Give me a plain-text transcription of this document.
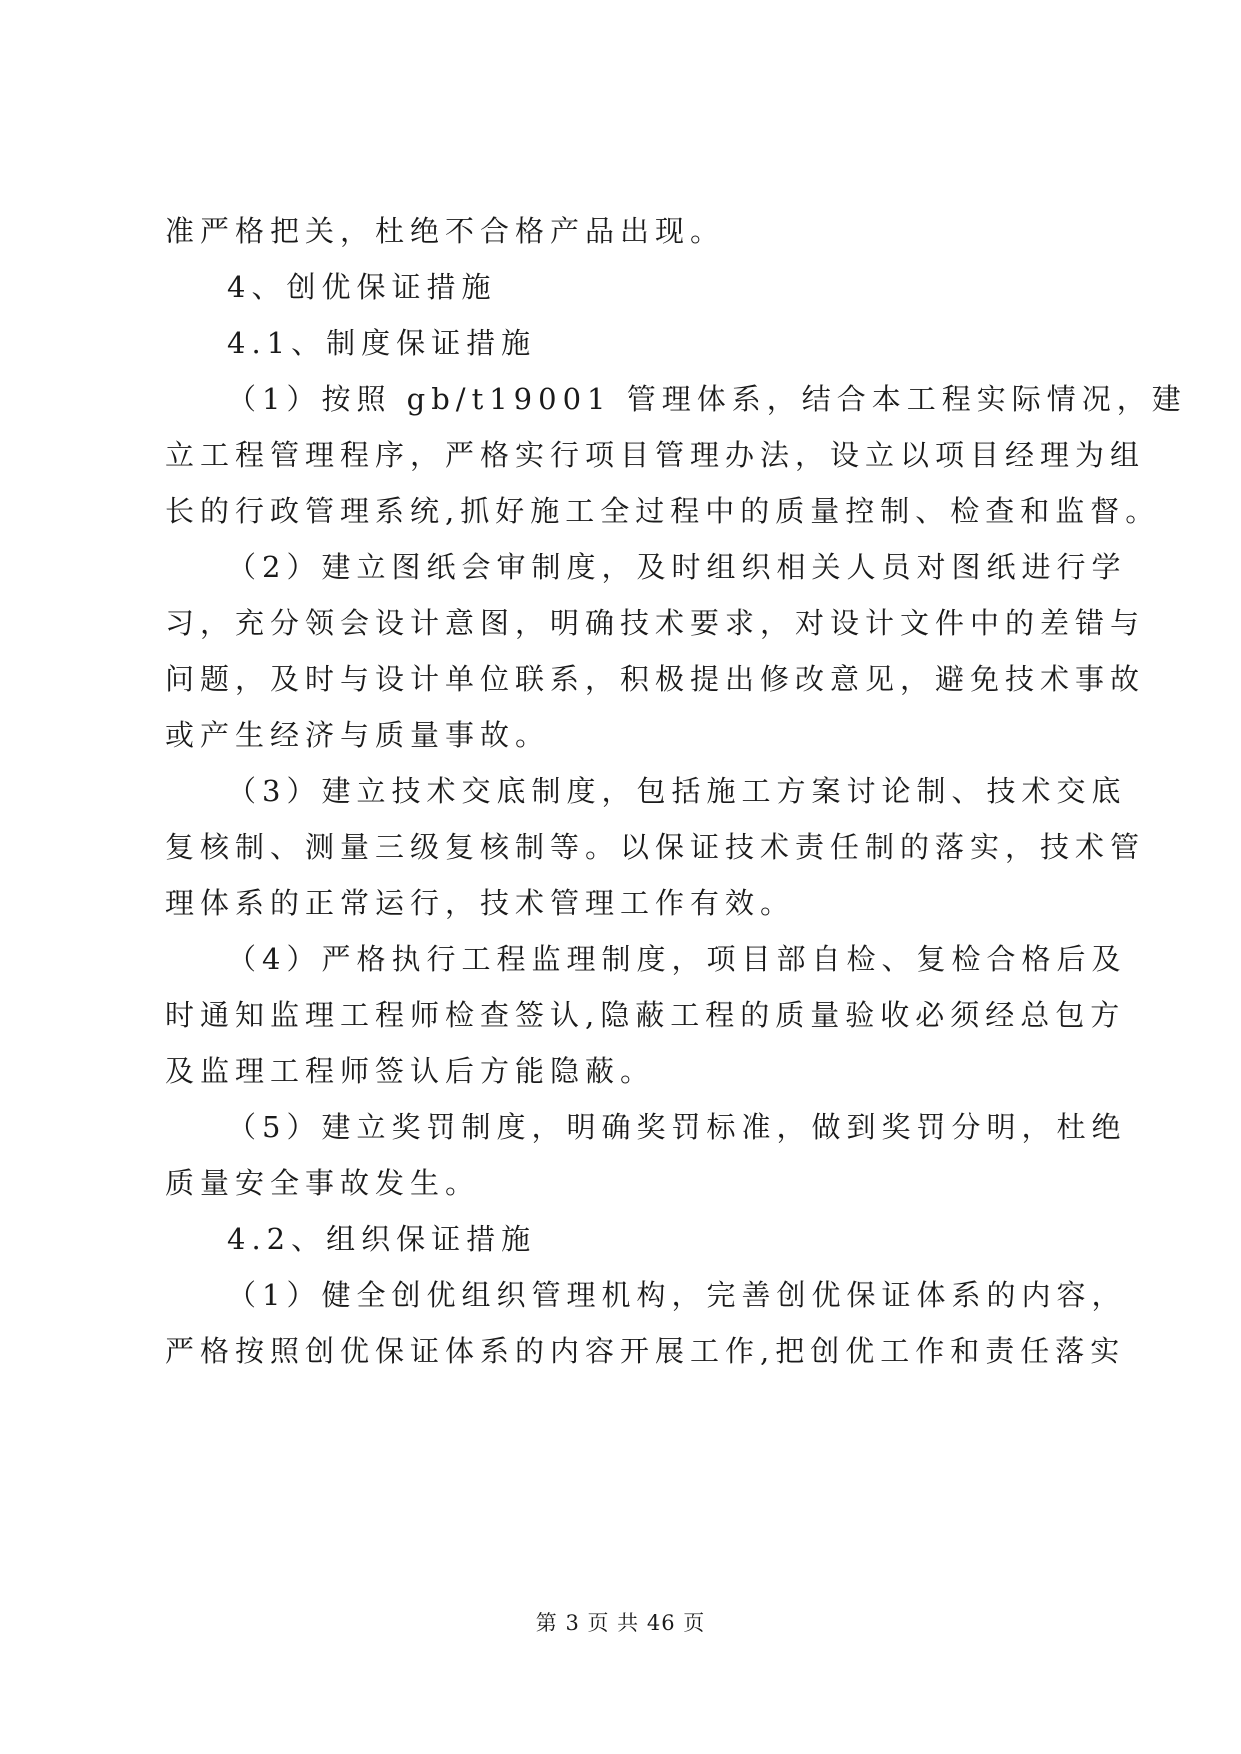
准严格把关，杜绝不合格产品出现。
4、创优保证措施
4.1、制度保证措施
（1）按照 gb/t19001 管理体系，结合本工程实际情况，建
立工程管理程序，严格实行项目管理办法，设立以项目经理为组
长的行政管理系统,抓好施工全过程中的质量控制、检查和监督。
（2）建立图纸会审制度，及时组织相关人员对图纸进行学
习，充分领会设计意图，明确技术要求，对设计文件中的差错与
问题，及时与设计单位联系，积极提出修改意见，避免技术事故
或产生经济与质量事故。
（3）建立技术交底制度，包括施工方案讨论制、技术交底
复核制、测量三级复核制等。以保证技术责任制的落实，技术管
理体系的正常运行，技术管理工作有效。
（4）严格执行工程监理制度，项目部自检、复检合格后及
时通知监理工程师检查签认,隐蔽工程的质量验收必须经总包方
及监理工程师签认后方能隐蔽。
（5）建立奖罚制度，明确奖罚标准，做到奖罚分明，杜绝
质量安全事故发生。
4.2、组织保证措施
（1）健全创优组织管理机构，完善创优保证体系的内容，
严格按照创优保证体系的内容开展工作,把创优工作和责任落实
第 3 页 共 46 页
